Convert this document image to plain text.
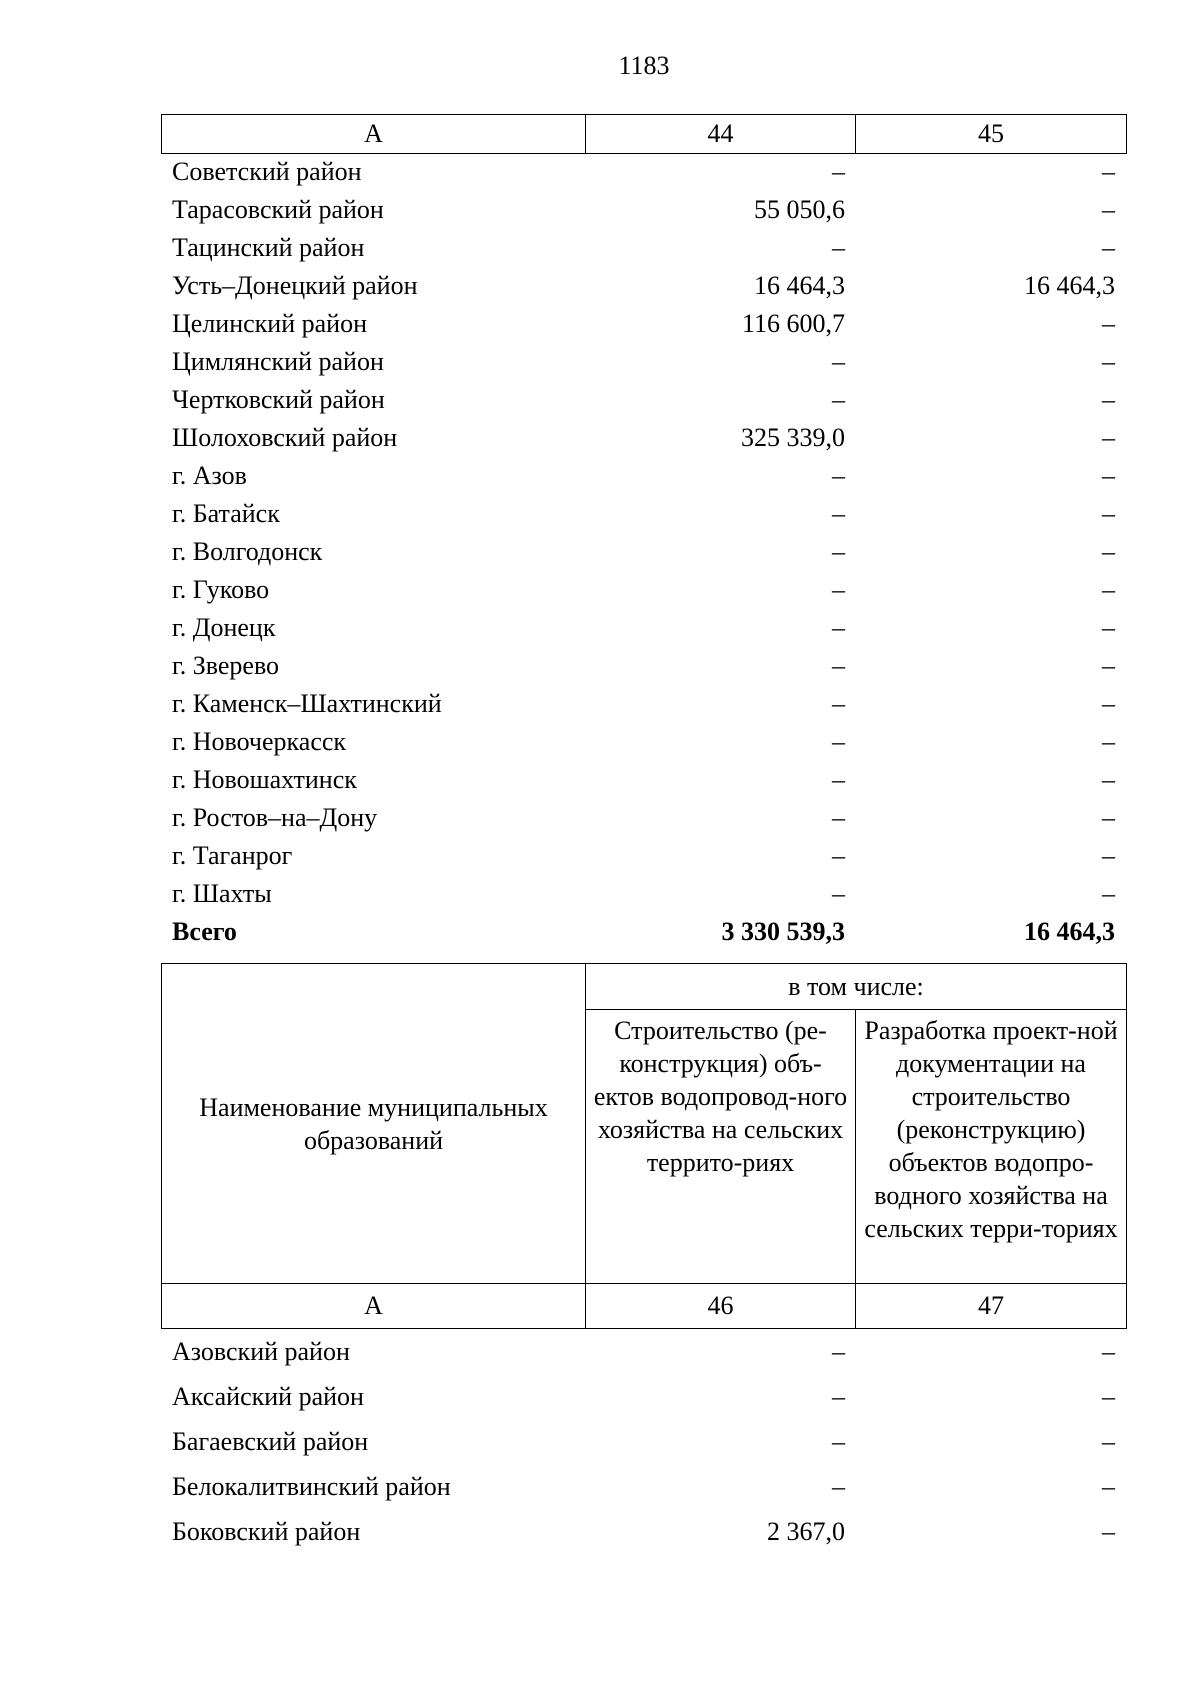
1183
А	44	45
Советский район	–	–
Тарасовский район	55 050,6	–
Тацинский район	–	–
Усть–Донецкий район	16 464,3	16 464,3
Целинский район	116 600,7	–
Цимлянский район	–	–
Чертковский район	–	–
Шолоховский район	325 339,0	–
г. Азов	–	–
г. Батайск	–	–
г. Волгодонск	–	–
г. Гуково	–	–
г. Донецк	–	–
г. Зверево	–	–
г. Каменск–Шахтинский	–	–
г. Новочеркасск	–	–
г. Новошахтинск	–	–
г. Ростов–на–Дону	–	–
г. Таганрог	–	–
г. Шахты	–	–
Всего	3 330 539,3	16 464,3
Наименование муниципальных образований	в том числе:	
	Строительство (ре-конструкция) объ-ектов водопровод-ного хозяйства на сельских террито-риях	Разработка проект-ной документации на строительство (реконструкцию) объектов водопро-водного хозяйства на сельских терри-ториях
А	46	47
Азовский район	–	–
Аксайский район	–	–
Багаевский район	–	–
Белокалитвинский район	–	–
Боковский район	2 367,0	–
